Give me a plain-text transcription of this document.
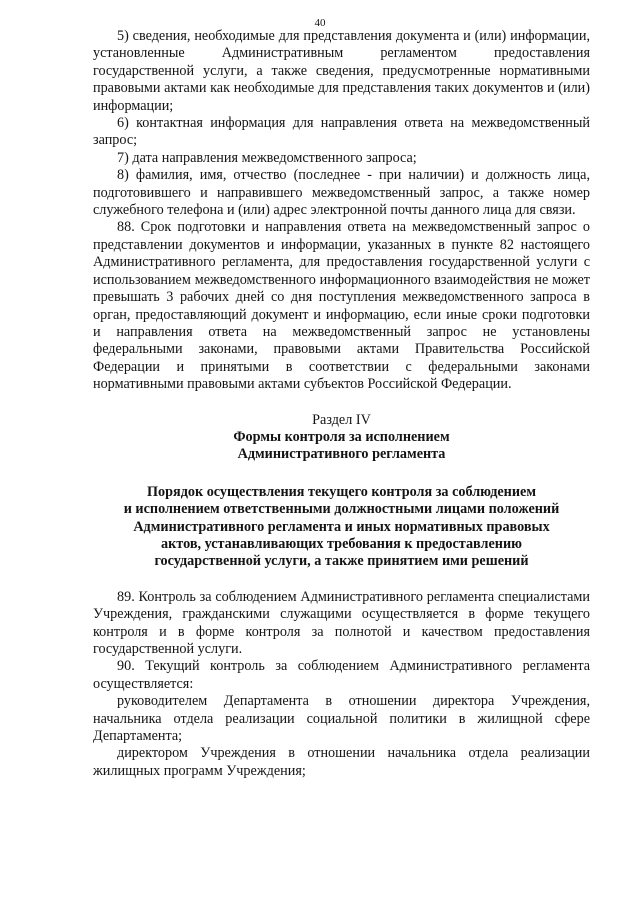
40

5) сведения, необходимые для представления документа и (или) информации, установленные Административным регламентом предоставления государственной услуги, а также сведения, предусмотренные нормативными правовыми актами как необходимые для представления таких документов и (или) информации;

6) контактная информация для направления ответа на межведомственный запрос;

7) дата направления межведомственного запроса;

8) фамилия, имя, отчество (последнее - при наличии) и должность лица, подготовившего и направившего межведомственный запрос, а также номер служебного телефона и (или) адрес электронной почты данного лица для связи.

88. Срок подготовки и направления ответа на межведомственный запрос о представлении документов и информации, указанных в пункте 82 настоящего Административного регламента, для предоставления государственной услуги с использованием межведомственного информационного взаимодействия не может превышать 3 рабочих дней со дня поступления межведомственного запроса в орган, предоставляющий документ и информацию, если иные сроки подготовки и направления ответа на межведомственный запрос не установлены федеральными законами, правовыми актами Правительства Российской Федерации и принятыми в соответствии с федеральными законами нормативными правовыми актами субъектов Российской Федерации.

Раздел IV

Формы контроля за исполнением

Административного регламента

Порядок осуществления текущего контроля за соблюдением

и исполнением ответственными должностными лицами положений

Административного регламента и иных нормативных правовых

актов, устанавливающих требования к предоставлению

государственной услуги, а также принятием ими решений

89. Контроль за соблюдением Административного регламента специалистами Учреждения, гражданскими служащими осуществляется в форме текущего контроля и в форме контроля за полнотой и качеством предоставления государственной услуги.

90. Текущий контроль за соблюдением Административного регламента осуществляется:

руководителем Департамента в отношении директора Учреждения, начальника отдела реализации социальной политики в жилищной сфере Департамента;

директором Учреждения в отношении начальника отдела реализации жилищных программ Учреждения;
